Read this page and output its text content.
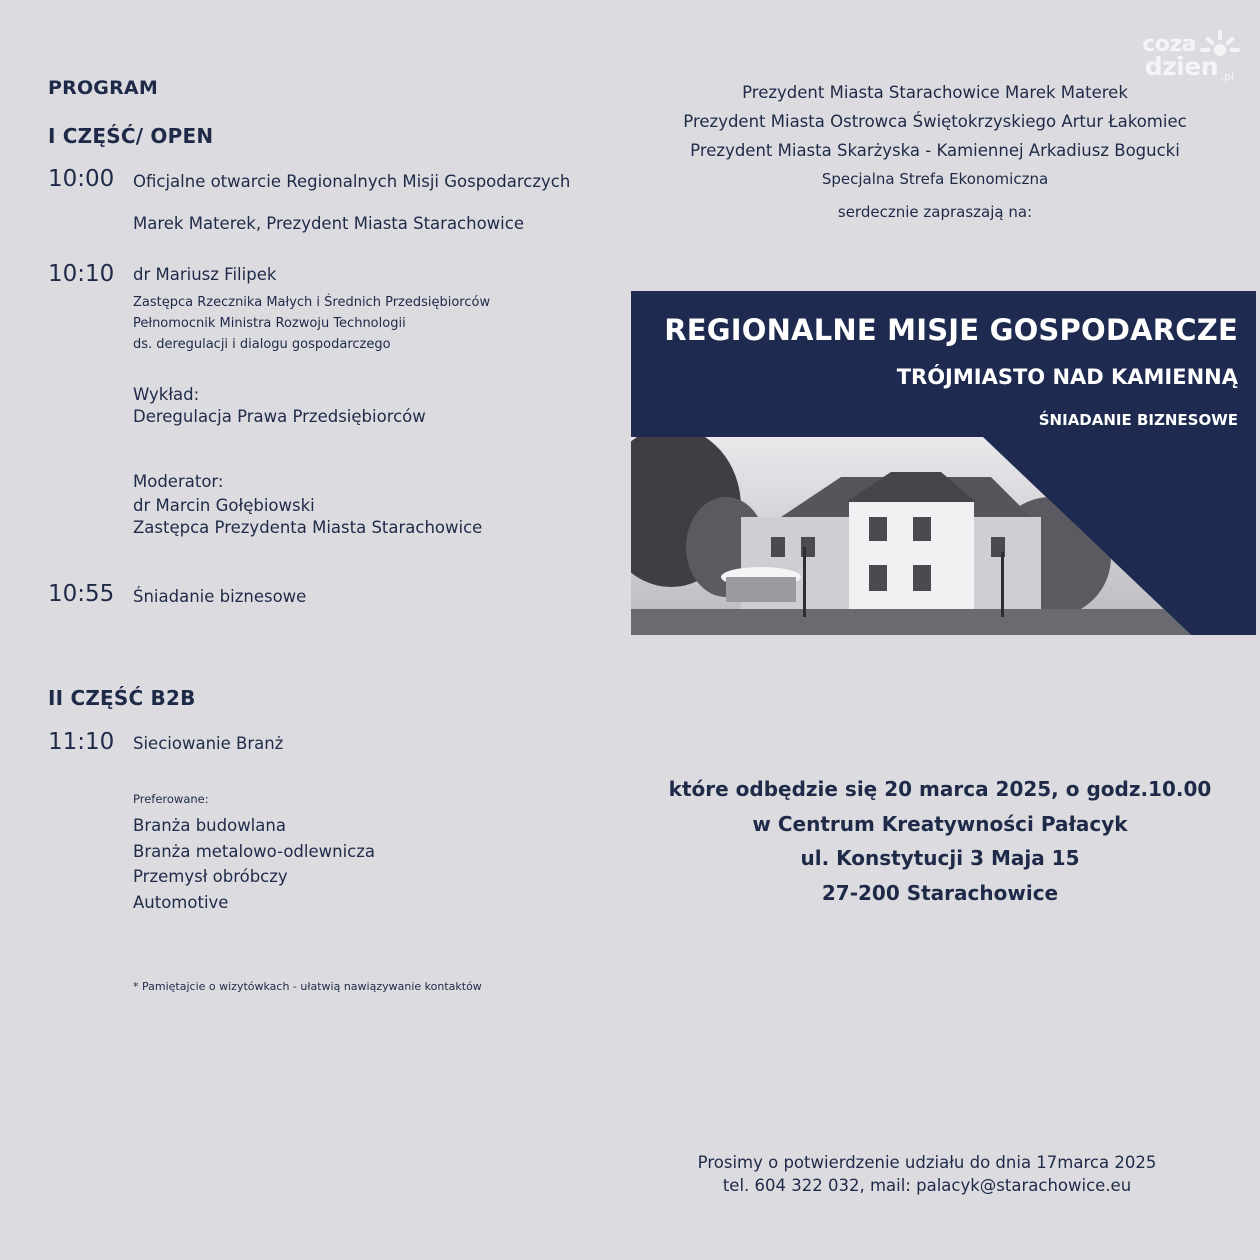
coza
dzien .pl
PROGRAM
I CZĘŚĆ/ OPEN
10:00 Oficjalne otwarcie Regionalnych Misji Gospodarczych
Marek Materek, Prezydent Miasta Starachowice
10:10 dr Mariusz Filipek
Zastępca Rzecznika Małych i Średnich Przedsiębiorców
Pełnomocnik Ministra Rozwoju Technologii
ds. deregulacji i dialogu gospodarczego
Wykład:
Deregulacja Prawa Przedsiębiorców
Moderator:
dr Marcin Gołębiowski
Zastępca Prezydenta Miasta Starachowice
10:55 Śniadanie biznesowe
II CZĘŚĆ B2B
11:10 Sieciowanie Branż
Preferowane:
Branża budowlana
Branża metalowo-odlewnicza
Przemysł obróbczy
Automotive
* Pamiętajcie o wizytówkach - ułatwią nawiązywanie kontaktów
Prezydent Miasta Starachowice Marek Materek
Prezydent Miasta Ostrowca Świętokrzyskiego Artur Łakomiec
Prezydent Miasta Skarżyska - Kamiennej Arkadiusz Bogucki
Specjalna Strefa Ekonomiczna
serdecznie zapraszają na:
REGIONALNE MISJE GOSPODARCZE
TRÓJMIASTO NAD KAMIENNĄ
ŚNIADANIE BIZNESOWE
które odbędzie się 20 marca 2025, o godz.10.00
w Centrum Kreatywności Pałacyk
ul. Konstytucji 3 Maja 15
27-200 Starachowice
Prosimy o potwierdzenie udziału do dnia 17marca 2025
tel. 604 322 032, mail: palacyk@starachowice.eu
